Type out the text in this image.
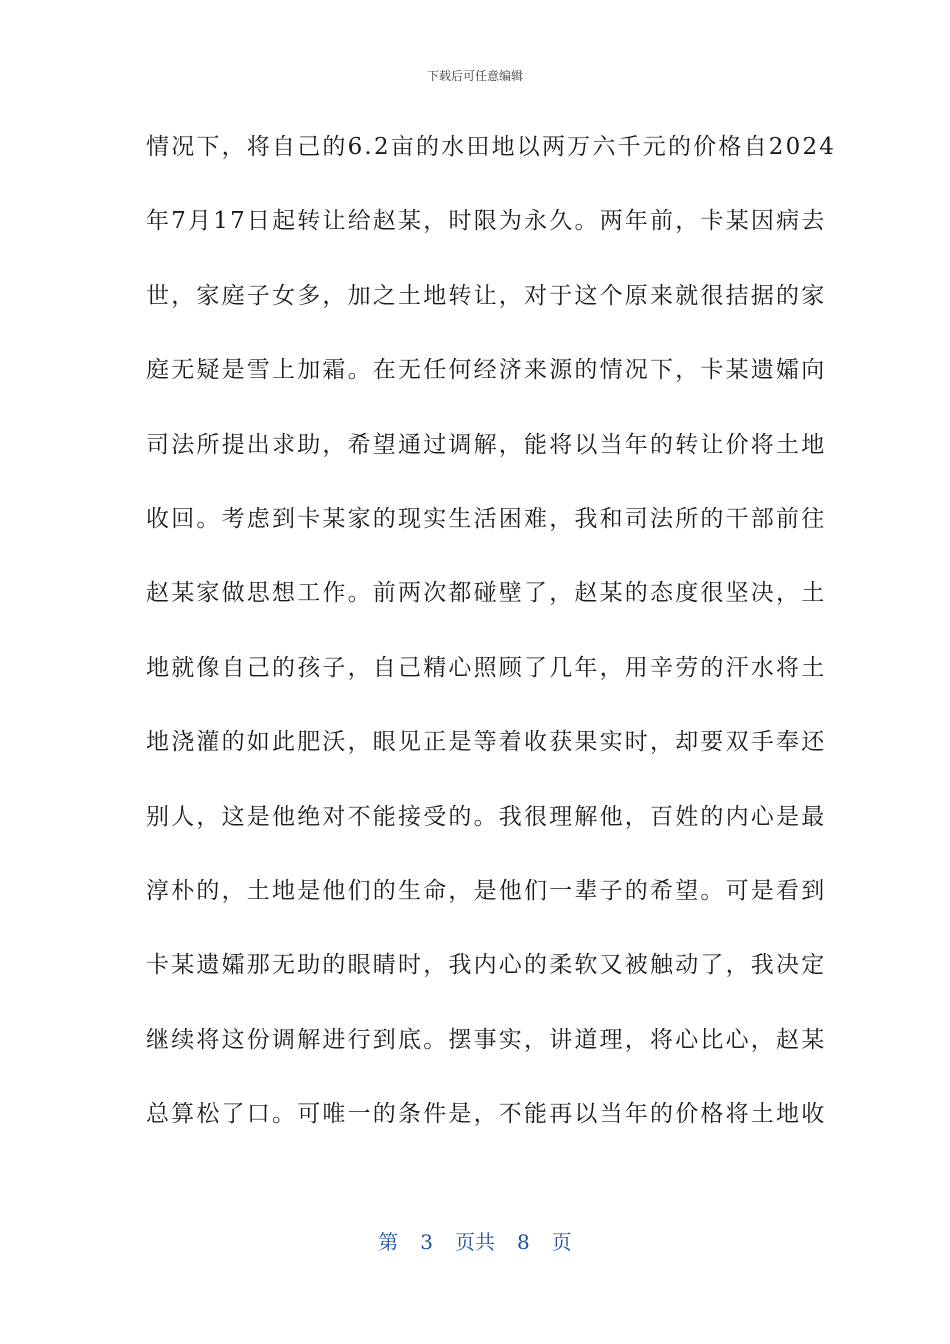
下载后可任意编辑
情况下，将自己的6.2亩的水田地以两万六千元的价格自2024
年7月17日起转让给赵某，时限为永久。两年前，卡某因病去
世，家庭子女多，加之土地转让，对于这个原来就很拮据的家
庭无疑是雪上加霜。在无任何经济来源的情况下，卡某遗孀向
司法所提出求助，希望通过调解，能将以当年的转让价将土地
收回。考虑到卡某家的现实生活困难，我和司法所的干部前往
赵某家做思想工作。前两次都碰壁了，赵某的态度很坚决，土
地就像自己的孩子，自己精心照顾了几年，用辛劳的汗水将土
地浇灌的如此肥沃，眼见正是等着收获果实时，却要双手奉还
别人，这是他绝对不能接受的。我很理解他，百姓的内心是最
淳朴的，土地是他们的生命，是他们一辈子的希望。可是看到
卡某遗孀那无助的眼睛时，我内心的柔软又被触动了，我决定
继续将这份调解进行到底。摆事实，讲道理，将心比心，赵某
总算松了口。可唯一的条件是，不能再以当年的价格将土地收
第 3 页共 8 页
